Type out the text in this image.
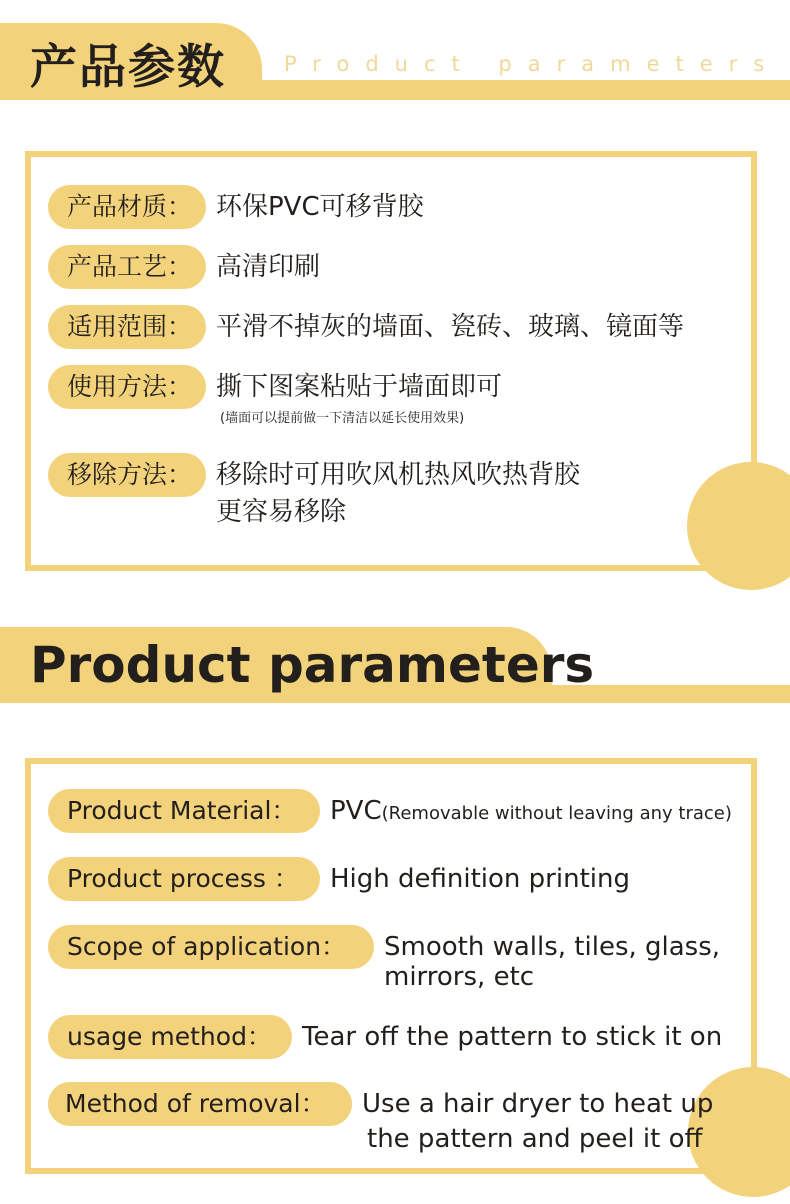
产品参数	Product parameters
产品材质： 环保PVC可移背胶
产品工艺： 高清印刷
适用范围： 平滑不掉灰的墙面、瓷砖、玻璃、镜面等
使用方法： 撕下图案粘贴于墙面即可
(墙面可以提前做一下清洁以延长使用效果)
移除方法： 移除时可用吹风机热风吹热背胶
更容易移除
Product parameters
Product Material：	PVC(Removable without leaving any trace)
Product process ：	High definition printing
Scope of application：	Smooth walls, tiles, glass,
mirrors, etc
usage method：	Tear off the pattern to stick it on
Method of removal：	Use a hair dryer to heat up
the pattern and peel it off
